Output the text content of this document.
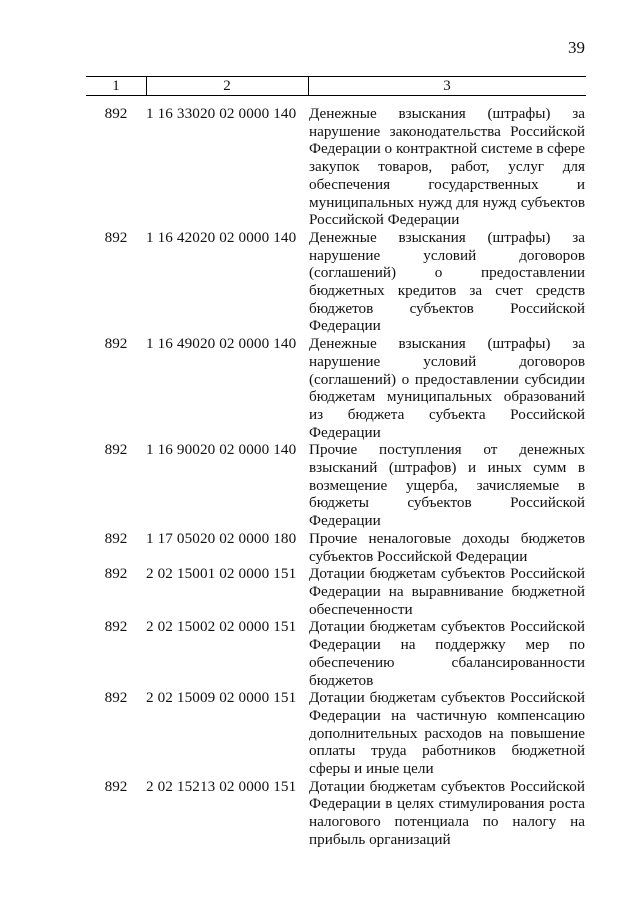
39
1	2	3
892	1 16 33020 02 0000 140 Денежные взыскания (штрафы) за нарушение законодательства Российской Федерации о контрактной системе в сфере закупок товаров, работ, услуг для обеспечения государственных и муниципальных нужд для нужд субъектов Российской Федерации
892	1 16 42020 02 0000 140 Денежные взыскания (штрафы) за нарушение условий договоров (соглашений) о предоставлении бюджетных кредитов за счет средств бюджетов субъектов Российской Федерации
892	1 16 49020 02 0000 140 Денежные взыскания (штрафы) за нарушение условий договоров (соглашений) о предоставлении субсидии бюджетам муниципальных образований из бюджета субъекта Российской Федерации
892	1 16 90020 02 0000 140 Прочие поступления от денежных взысканий (штрафов) и иных сумм в возмещение ущерба, зачисляемые в бюджеты субъектов Российской Федерации
892	1 17 05020 02 0000 180 Прочие неналоговые доходы бюджетов субъектов Российской Федерации
892	2 02 15001 02 0000 151 Дотации бюджетам субъектов Российской Федерации на выравнивание бюджетной обеспеченности
892	2 02 15002 02 0000 151 Дотации бюджетам субъектов Российской Федерации на поддержку мер по обеспечению сбалансированности бюджетов
892	2 02 15009 02 0000 151 Дотации бюджетам субъектов Российской Федерации на частичную компенсацию дополнительных расходов на повышение оплаты труда работников бюджетной сферы и иные цели
892	2 02 15213 02 0000 151 Дотации бюджетам субъектов Российской Федерации в целях стимулирования роста налогового потенциала по налогу на прибыль организаций
